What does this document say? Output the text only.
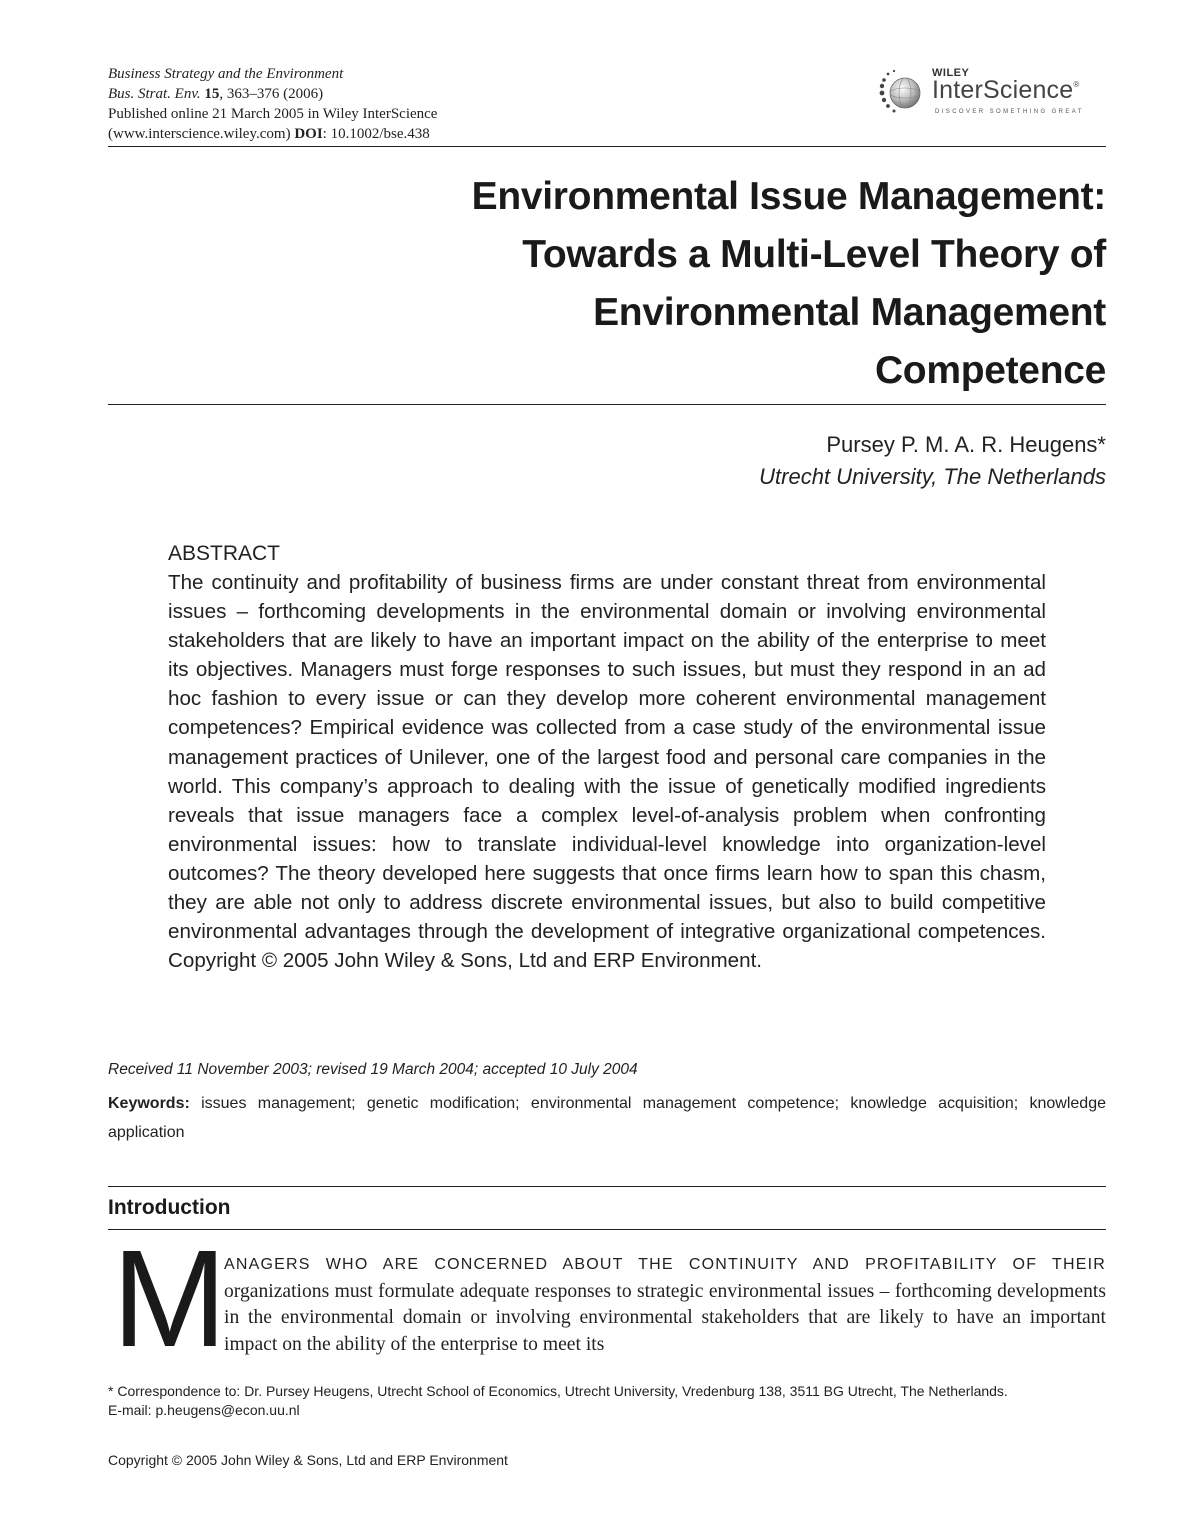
Business Strategy and the Environment
Bus. Strat. Env. 15, 363–376 (2006)
Published online 21 March 2005 in Wiley InterScience
(www.interscience.wiley.com) DOI: 10.1002/bse.438
WILEY
InterScience®
DISCOVER SOMETHING GREAT
Environmental Issue Management:
Towards a Multi-Level Theory of
Environmental Management
Competence
Pursey P. M. A. R. Heugens*
Utrecht University, The Netherlands
ABSTRACT
The continuity and profitability of business firms are under constant threat from environmental issues – forthcoming developments in the environmental domain or involving environmental stakeholders that are likely to have an important impact on the ability of the enterprise to meet its objectives. Managers must forge responses to such issues, but must they respond in an ad hoc fashion to every issue or can they develop more coherent environmental management competences? Empirical evidence was collected from a case study of the environmental issue management practices of Unilever, one of the largest food and personal care companies in the world. This company’s approach to dealing with the issue of genetically modified ingredients reveals that issue managers face a complex level-of-analysis problem when confronting environmental issues: how to translate individual-level knowledge into organization-level outcomes? The theory developed here suggests that once firms learn how to span this chasm, they are able not only to address discrete environmental issues, but also to build competitive environmental advantages through the development of integrative organizational competences. Copyright © 2005 John Wiley & Sons, Ltd and ERP Environment.
Received 11 November 2003; revised 19 March 2004; accepted 10 July 2004
Keywords: issues management; genetic modification; environmental management competence; knowledge acquisition; knowledge application
Introduction
M
ANAGERS WHO ARE CONCERNED ABOUT THE CONTINUITY AND PROFITABILITY OF THEIR organizations must formulate adequate responses to strategic environmental issues – forthcoming developments in the environmental domain or involving environmental stakeholders that are likely to have an important impact on the ability of the enterprise to meet its
* Correspondence to: Dr. Pursey Heugens, Utrecht School of Economics, Utrecht University, Vredenburg 138, 3511 BG Utrecht, The Netherlands.
E-mail: p.heugens@econ.uu.nl
Copyright © 2005 John Wiley & Sons, Ltd and ERP Environment
